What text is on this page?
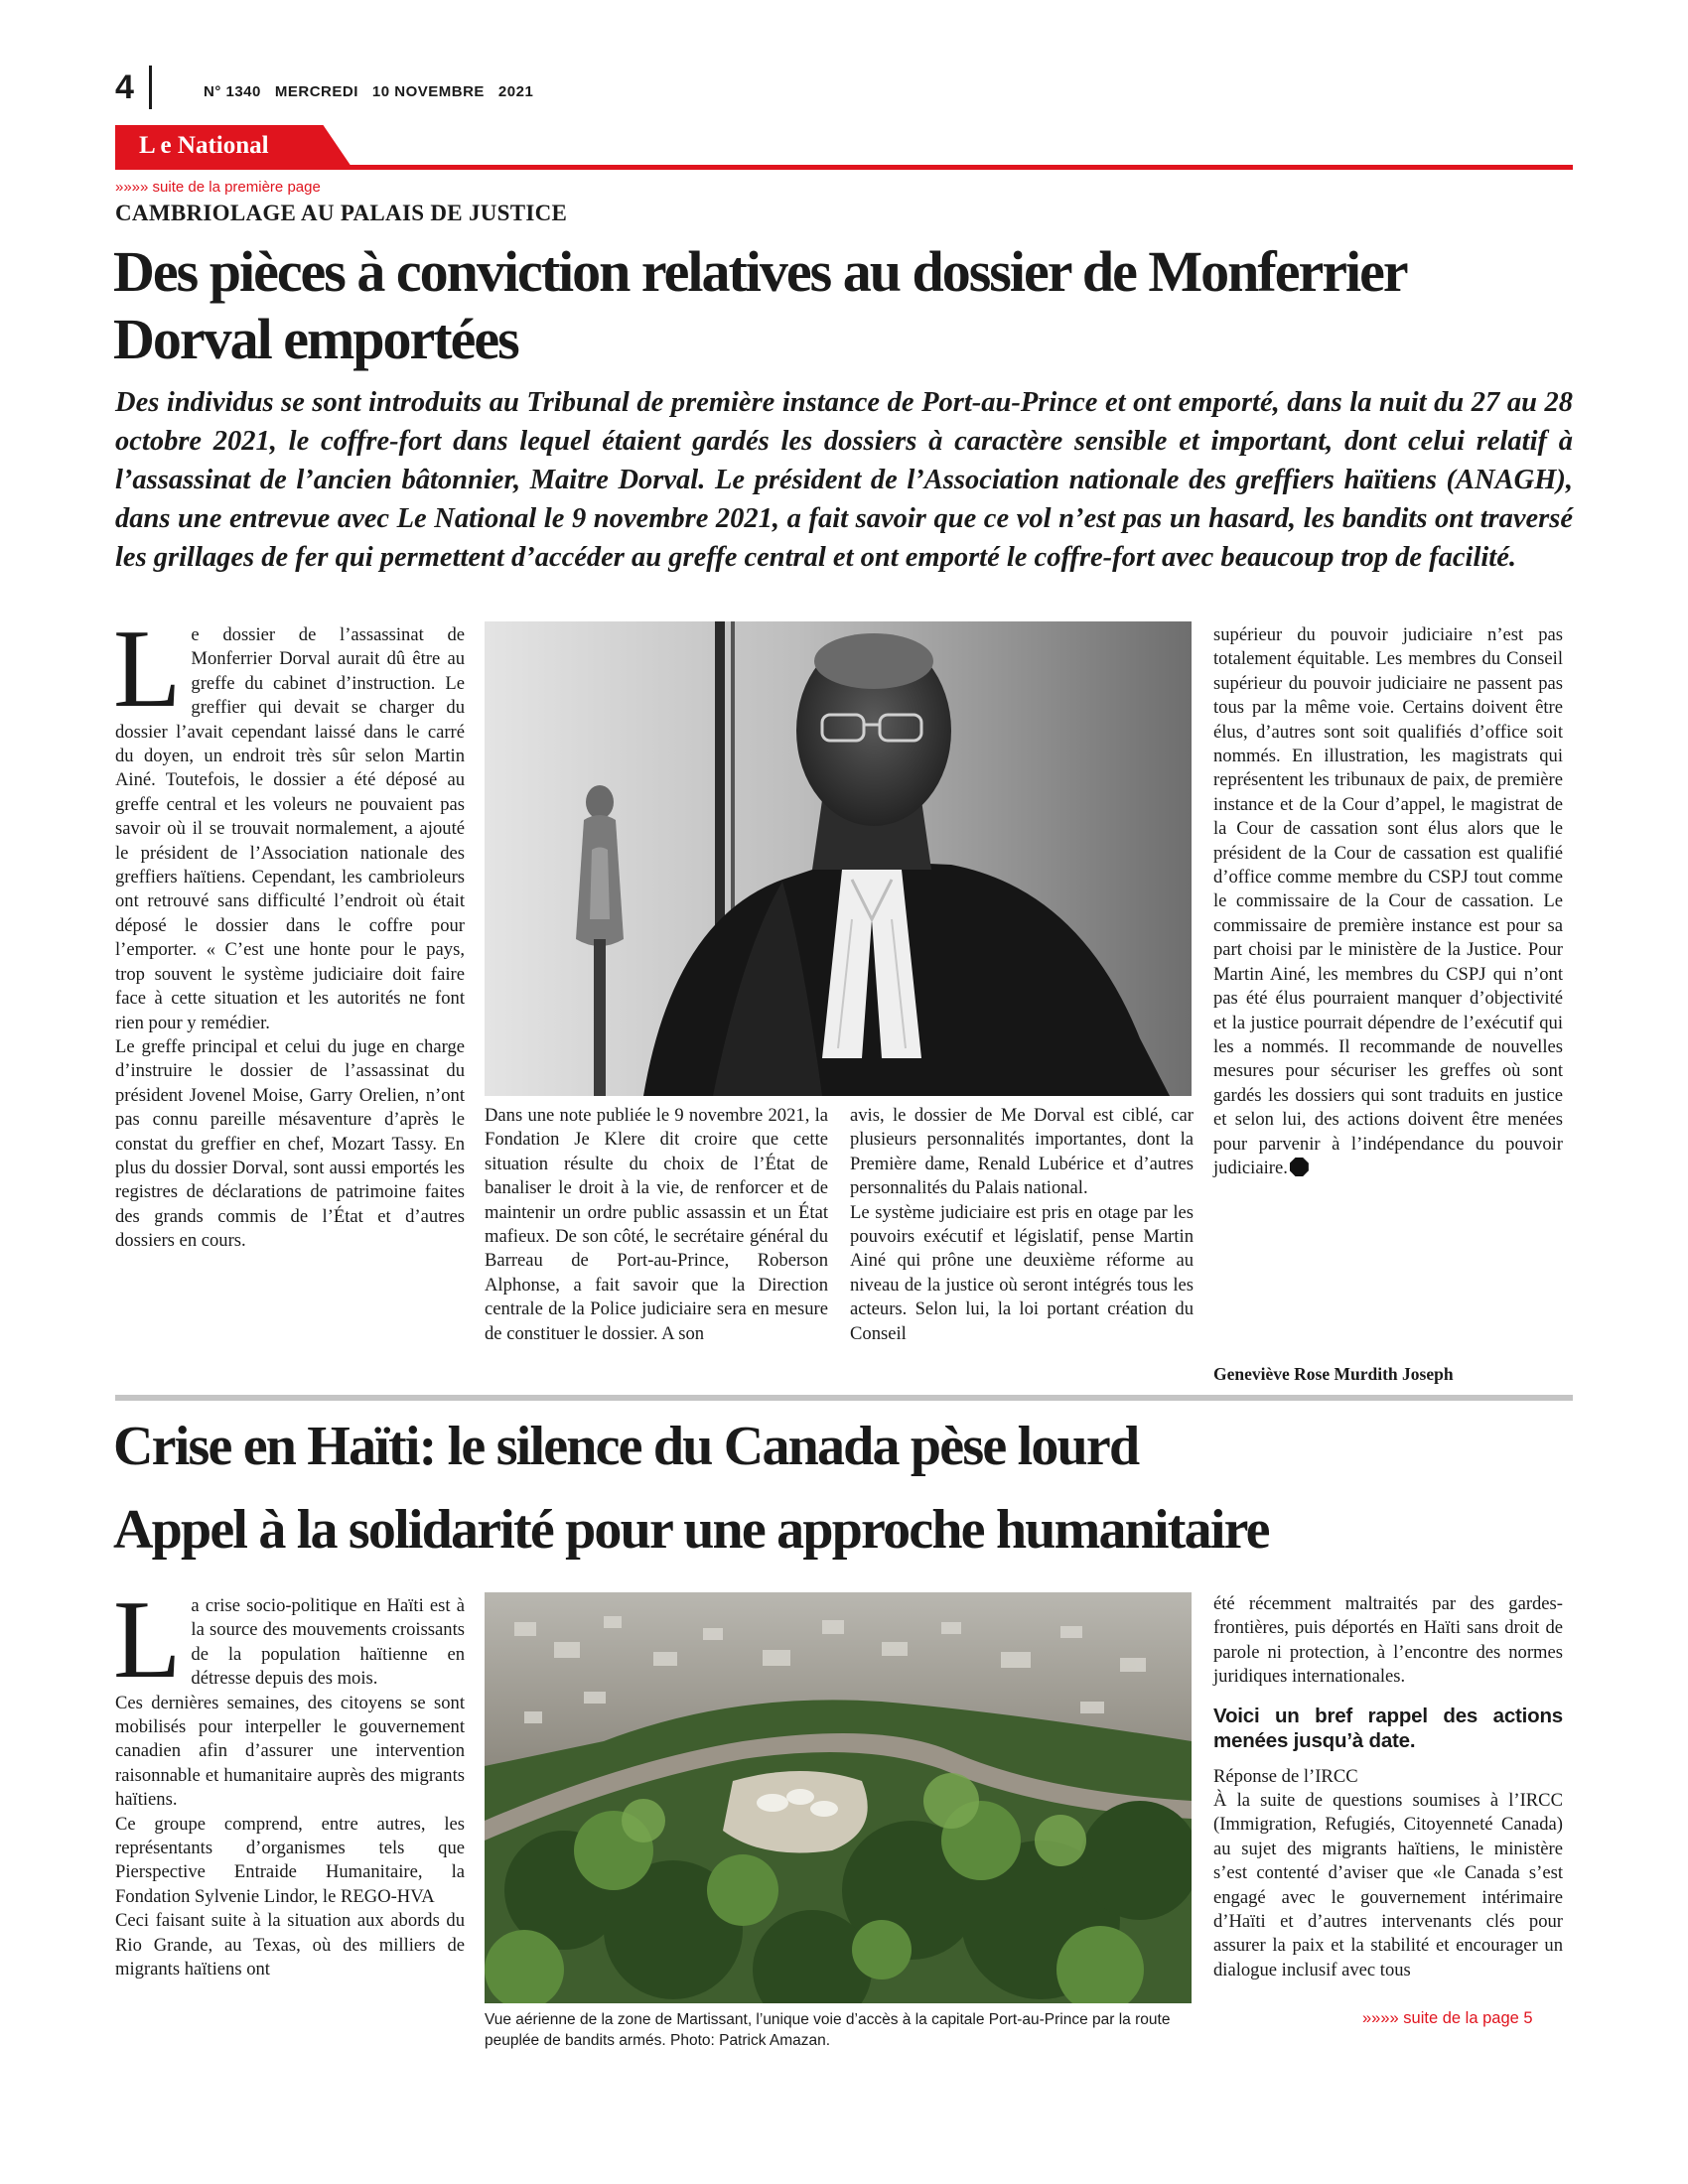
4	N° 1340 MERCREDI 10 NOVEMBRE 2021
L e National
»»»» suite de la première page
CAMBRIOLAGE AU PALAIS DE JUSTICE
Des pièces à conviction relatives au dossier de Monferrier
Dorval emportées
Des individus se sont introduits au Tribunal de première instance de Port-au-Prince et ont emporté, dans la nuit du 27 au 28 octobre 2021, le coffre-fort dans lequel étaient gardés les dossiers à caractère sensible et important, dont celui relatif à l’assassinat de l’ancien bâtonnier, Maitre Dorval. Le président de l’Association nationale des greffiers haïtiens (ANAGH), dans une entrevue avec Le National le 9 novembre 2021, a fait savoir que ce vol n’est pas un hasard, les bandits ont traversé les grillages de fer qui permettent d’accéder au greffe central et ont emporté le coffre-fort avec beaucoup trop de facilité.

Le dossier de l’assassinat de Monferrier Dorval aurait dû être au greffe du cabinet d’instruction. Le greffier qui devait se charger du dossier l’avait cependant laissé dans le carré du doyen, un endroit très sûr selon Martin Ainé. Toutefois, le dossier a été déposé au greffe central et les voleurs ne pouvaient pas savoir où il se trouvait normalement, a ajouté le président de l’Association nationale des greffiers haïtiens. Cependant, les cambrioleurs ont retrouvé sans difficulté l’endroit où était déposé le dossier dans le coffre pour l’emporter. « C’est une honte pour le pays, trop souvent le système judiciaire doit faire face à cette situation et les autorités ne font rien pour y remédier.

Le greffe principal et celui du juge en charge d’instruire le dossier de l’assassinat du président Jovenel Moise, Garry Orelien, n’ont pas connu pareille mésaventure d’après le constat du greffier en chef, Mozart Tassy. En plus du dossier Dorval, sont aussi emportés les registres de déclarations de patrimoine faites des grands commis de l’État et d’autres dossiers en cours.

Dans une note publiée le 9 novembre 2021, la Fondation Je Klere dit croire que cette situation résulte du choix de l’État de banaliser le droit à la vie, de renforcer et de maintenir un ordre public assassin et un État mafieux. De son côté, le secrétaire général du Barreau de Port-au-Prince, Roberson Alphonse, a fait savoir que la Direction centrale de la Police judiciaire sera en mesure de constituer le dossier. A son

avis, le dossier de Me Dorval est ciblé, car plusieurs personnalités importantes, dont la Première dame, Renald Lubérice et d’autres personnalités du Palais national.

Le système judiciaire est pris en otage par les pouvoirs exécutif et législatif, pense Martin Ainé qui prône une deuxième réforme au niveau de la justice où seront intégrés tous les acteurs. Selon lui, la loi portant création du Conseil

supérieur du pouvoir judiciaire n’est pas totalement équitable. Les membres du Conseil supérieur du pouvoir judiciaire ne passent pas tous par la même voie. Certains doivent être élus, d’autres sont soit qualifiés d’office soit nommés. En illustration, les magistrats qui représentent les tribunaux de paix, de première instance et de la Cour d’appel, le magistrat de la Cour de cassation sont élus alors que le président de la Cour de cassation est qualifié d’office comme membre du CSPJ tout comme le commissaire de la Cour de cassation. Le commissaire de première instance est pour sa part choisi par le ministère de la Justice. Pour Martin Ainé, les membres du CSPJ qui n’ont pas été élus pourraient manquer d’objectivité et la justice pourrait dépendre de l’exécutif qui les a nommés. Il recommande de nouvelles mesures pour sécuriser les greffes où sont gardés les dossiers qui sont traduits en justice et selon lui, des actions doivent être menées pour parvenir à l’indépendance du pouvoir judiciaire.

Geneviève Rose Murdith Joseph
Crise en Haïti: le silence du Canada pèse lourd
Appel à la solidarité pour une approche humanitaire

La crise socio-politique en Haïti est à la source des mouvements croissants de la population haïtienne en détresse depuis des mois.

Ces dernières semaines, des citoyens se sont mobilisés pour interpeller le gouvernement canadien afin d’assurer une intervention raisonnable et humanitaire auprès des migrants haïtiens.

Ce groupe comprend, entre autres, les représentants d’organismes tels que Pierspective Entraide Humanitaire, la Fondation Sylvenie Lindor, le REGO-HVA

Ceci faisant suite à la situation aux abords du Rio Grande, au Texas, où des milliers de migrants haïtiens ont

Vue aérienne de la zone de Martissant, l’unique voie d’accès à la capitale Port-au-Prince par la route peuplée de bandits armés. Photo: Patrick Amazan.

été récemment maltraités par des gardes-frontières, puis déportés en Haïti sans droit de parole ni protection, à l’encontre des normes juridiques internationales.

Voici un bref rappel des actions menées jusqu’à date.

Réponse de l’IRCC

À la suite de questions soumises à l’IRCC (Immigration, Refugiés, Citoyenneté Canada) au sujet des migrants haïtiens, le ministère s’est contenté d’aviser que «le Canada s’est engagé avec le gouvernement intérimaire d’Haïti et d’autres intervenants clés pour assurer la paix et la stabilité et encourager un dialogue inclusif avec tous

»»»» suite de la page 5
